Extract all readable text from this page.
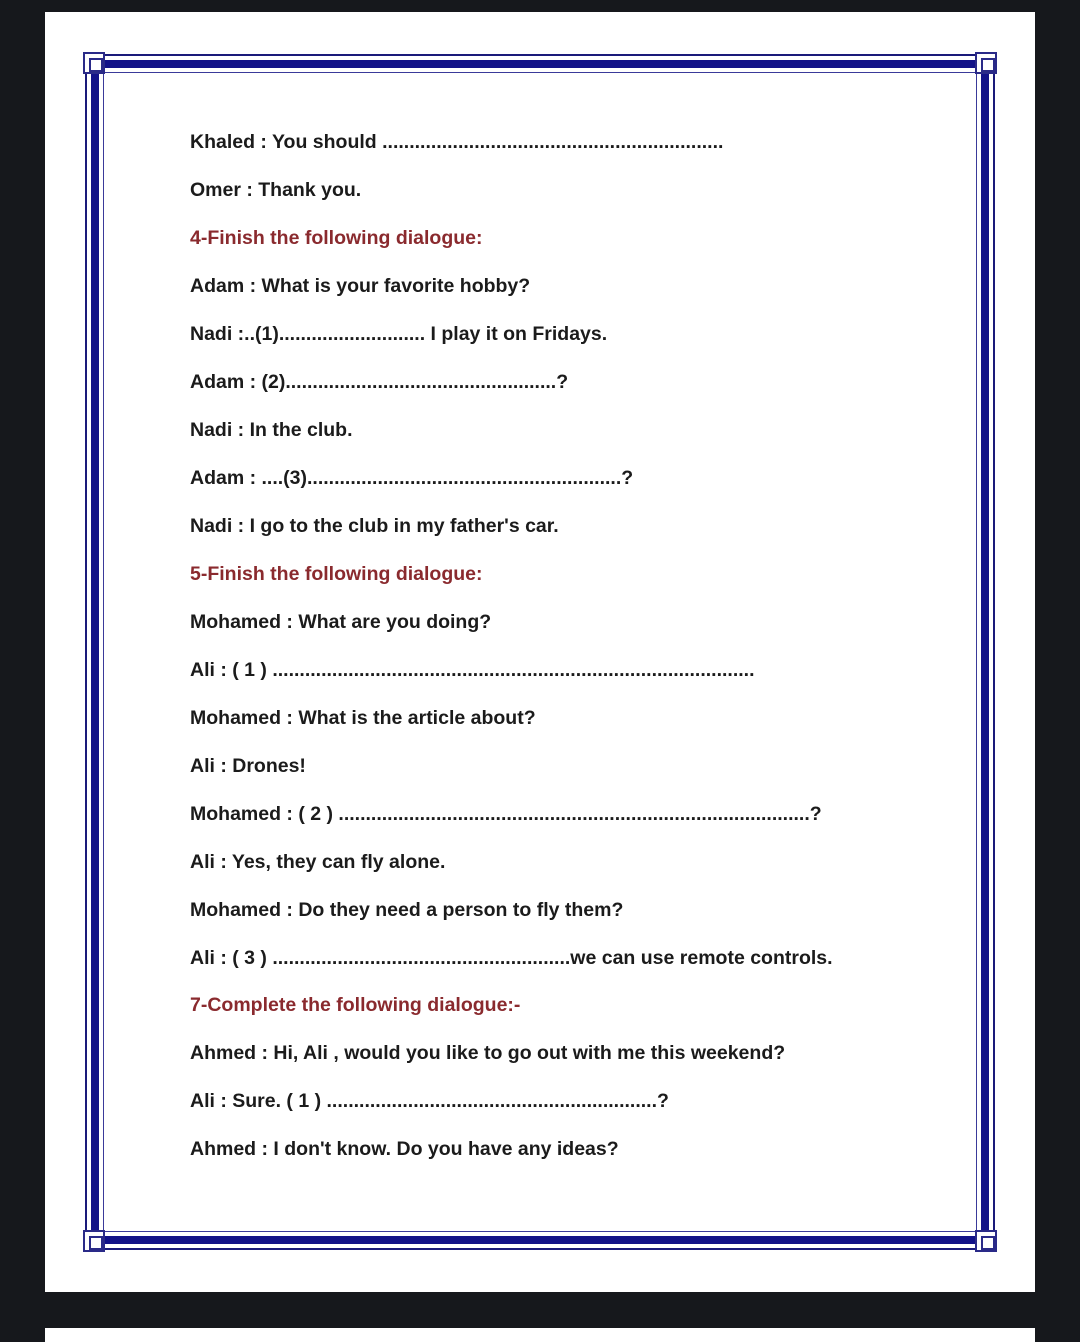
Khaled : You should ...............................................................
Omer : Thank you.
4-Finish the following dialogue:
Adam : What is your favorite hobby?
Nadi :..(1)........................... I play it on Fridays.
Adam : (2)..................................................?
Nadi : In the club.
Adam : ....(3)..........................................................?
Nadi : I go to the club in my father's car.
5-Finish the following dialogue:
Mohamed : What are you doing?
Ali : ( 1 ) .........................................................................................
Mohamed : What is the article about?
Ali : Drones!
Mohamed : ( 2 ) .......................................................................................?
Ali : Yes, they can fly alone.
Mohamed : Do they need a person to fly them?
Ali : ( 3 ) .......................................................we can use remote controls.
7-Complete the following dialogue:-
Ahmed : Hi, Ali , would you like to go out with me this weekend?
Ali : Sure. ( 1 ) .............................................................?
Ahmed : I don't know. Do you have any ideas?
